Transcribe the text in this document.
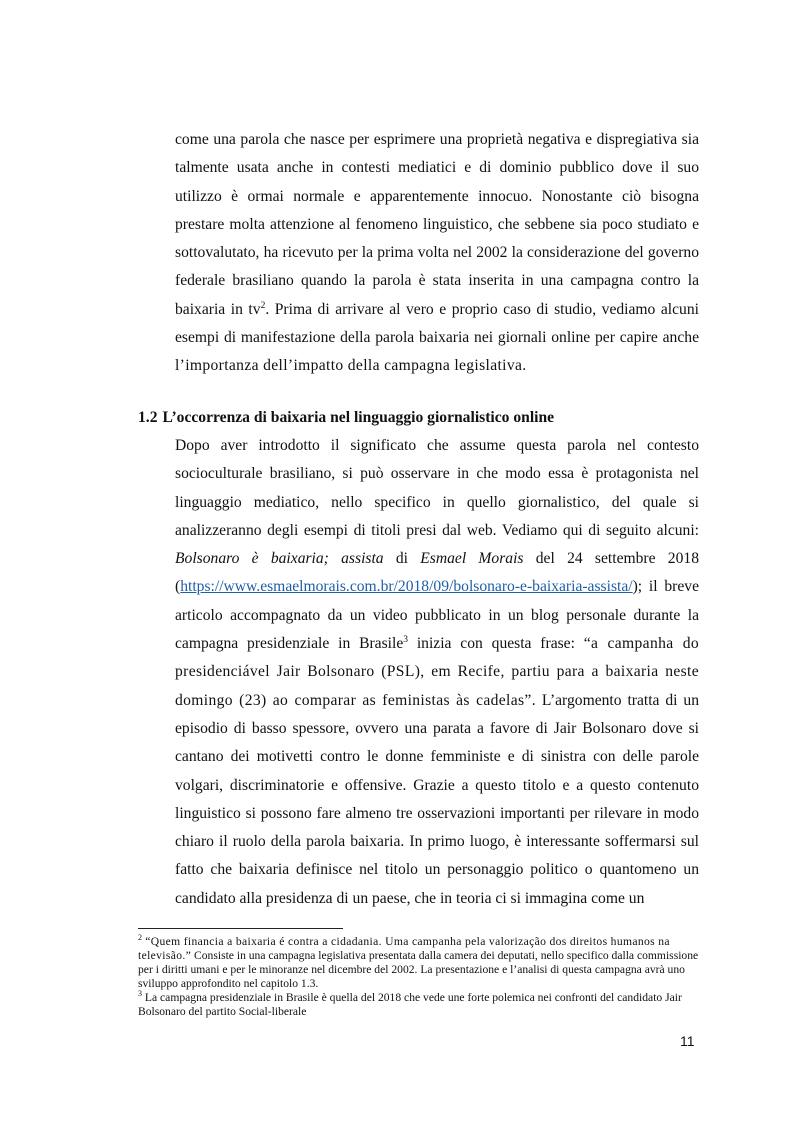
come una parola che nasce per esprimere una proprietà negativa e dispregiativa sia talmente usata anche in contesti mediatici e di dominio pubblico dove il suo utilizzo è ormai normale e apparentemente innocuo. Nonostante ciò bisogna prestare molta attenzione al fenomeno linguistico, che sebbene sia poco studiato e sottovalutato, ha ricevuto per la prima volta nel 2002 la considerazione del governo federale brasiliano quando la parola è stata inserita in una campagna contro la baixaria in $tv^2$. Prima di arrivare al vero e proprio caso di studio, vediamo alcuni esempi di manifestazione della parola baixaria nei giornali online per capire anche l’importanza dell’impatto della campagna legislativa.

1.2 L’occorrenza di baixaria nel linguaggio giornalistico online

Dopo aver introdotto il significato che assume questa parola nel contesto socioculturale brasiliano, si può osservare in che modo essa è protagonista nel linguaggio mediatico, nello specifico in quello giornalistico, del quale si analizzeranno degli esempi di titoli presi dal web. Vediamo qui di seguito alcuni: Bolsonaro è baixaria; assista di Esmael Morais del 24 settembre 2018 (https://www.esmaelmorais.com.br/2018/09/bolsonaro-e-baixaria-assista/); il breve articolo accompagnato da un video pubblicato in un blog personale durante la campagna presidenziale in Brasile$^3$ inizia con questa frase: “a campanha do presidenciável Jair Bolsonaro (PSL), em Recife, partiu para a baixaria neste domingo (23) ao comparar as feministas às cadelas”. L’argomento tratta di un episodio di basso spessore, ovvero una parata a favore di Jair Bolsonaro dove si cantano dei motivetti contro le donne femministe e di sinistra con delle parole volgari, discriminatorie e offensive. Grazie a questo titolo e a questo contenuto linguistico si possono fare almeno tre osservazioni importanti per rilevare in modo chiaro il ruolo della parola baixaria. In primo luogo, è interessante soffermarsi sul fatto che baixaria definisce nel titolo un personaggio politico o quantomeno un candidato alla presidenza di un paese, che in teoria ci si immagina come un

$^2$ “Quem financia a baixaria é contra a cidadania. Uma campanha pela valorização dos direitos humanos na televisão.” Consiste in una campagna legislativa presentata dalla camera dei deputati, nello specifico dalla commissione per i diritti umani e per le minoranze nel dicembre del 2002. La presentazione e l’analisi di questa campagna avrà uno sviluppo approfondito nel capitolo 1.3.

$^3$ La campagna presidenziale in Brasile è quella del 2018 che vede une forte polemica nei confronti del candidato Jair Bolsonaro del partito Social-liberale

11
